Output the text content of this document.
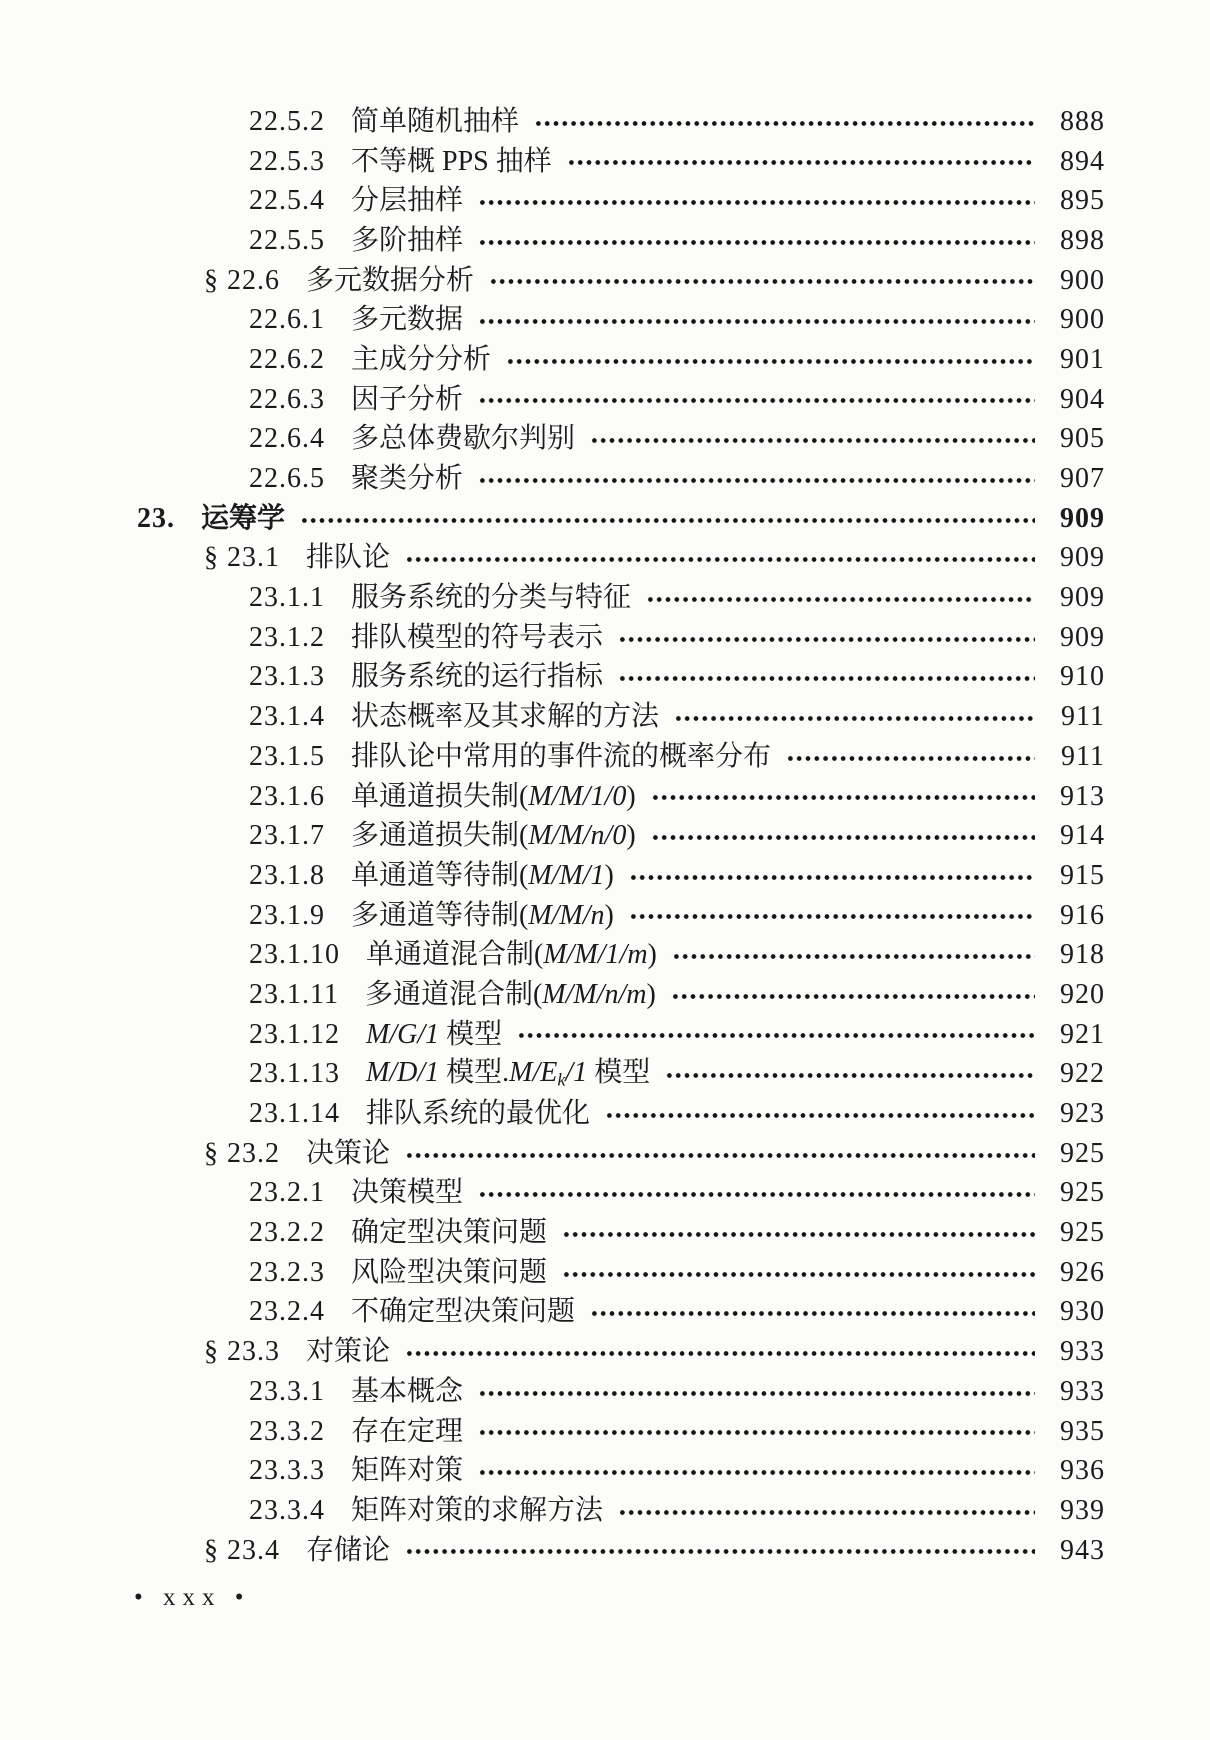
22.5.2 简单随机抽样	888
22.5.3 不等概 PPS 抽样	894
22.5.4 分层抽样	895
22.5.5 多阶抽样	898
§ 22.6 多元数据分析	900
22.6.1 多元数据	900
22.6.2 主成分分析	901
22.6.3 因子分析	904
22.6.4 多总体费歇尔判别	905
22.6.5 聚类分析	907
23. 运筹学	909
§ 23.1 排队论	909
23.1.1 服务系统的分类与特征	909
23.1.2 排队模型的符号表示	909
23.1.3 服务系统的运行指标	910
23.1.4 状态概率及其求解的方法	911
23.1.5 排队论中常用的事件流的概率分布	911
23.1.6 单通道损失制(M/M/1/0)	913
23.1.7 多通道损失制(M/M/n/0)	914
23.1.8 单通道等待制(M/M/1)	915
23.1.9 多通道等待制(M/M/n)	916
23.1.10 单通道混合制(M/M/1/m)	918
23.1.11 多通道混合制(M/M/n/m)	920
23.1.12 M/G/1 模型	921
23.1.13 M/D/1 模型$.M/E_k/1$ 模型	922
23.1.14 排队系统的最优化	923
§ 23.2 决策论	925
23.2.1 决策模型	925
23.2.2 确定型决策问题	925
23.2.3 风险型决策问题	926
23.2.4 不确定型决策问题	930
§ 23.3 对策论	933
23.3.1 基本概念	933
23.3.2 存在定理	935
23.3.3 矩阵对策	936
23.3.4 矩阵对策的求解方法	939
§ 23.4 存储论	943
• xxx •
